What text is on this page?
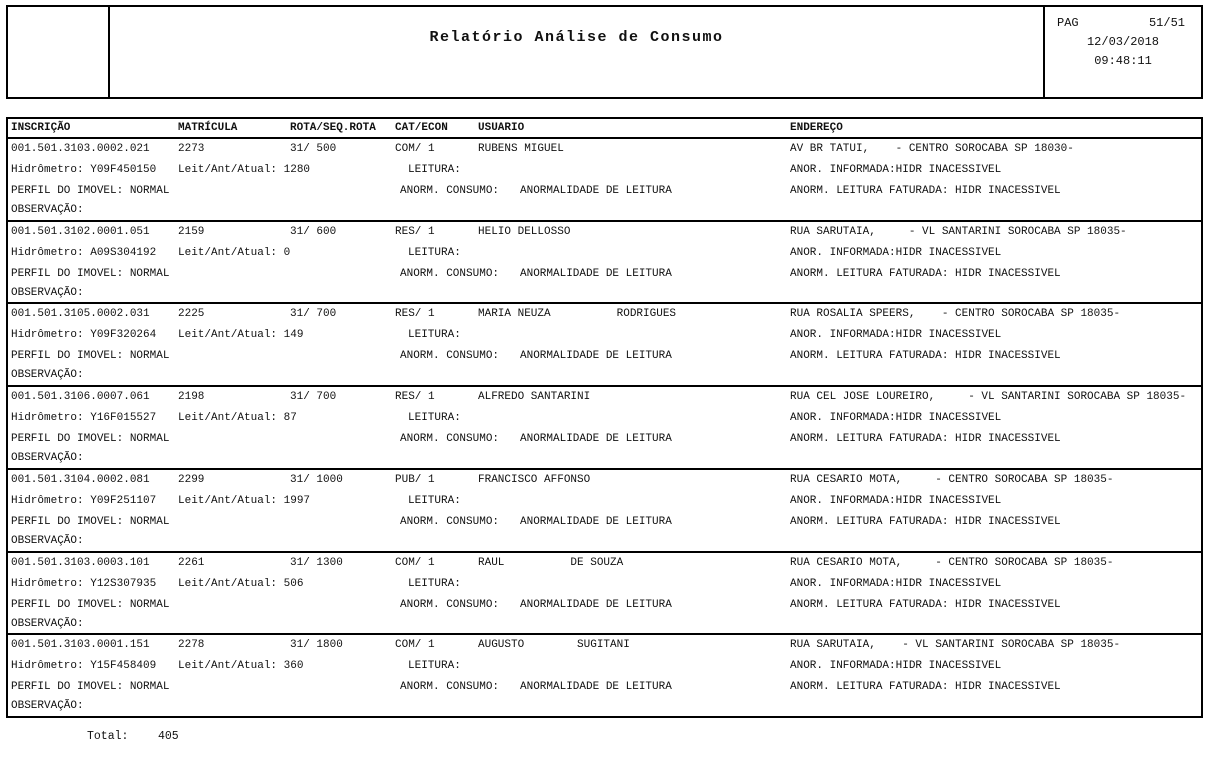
Relatório Análise de Consumo
PAG	51/51
12/03/2018
09:48:11
INSCRIÇÃO	MATRÍCULA	ROTA/SEQ.ROTA CAT/ECON	USUARIO	ENDEREÇO
001.501.3103.0002.021	2273	31/ 500	COM/ 1	RUBENS MIGUEL	AV BR TATUI,    - CENTRO SOROCABA SP 18030-
Hidrômetro: Y09F450150 Leit/Ant/Atual: 1280	LEITURA:	ANOR. INFORMADA:HIDR INACESSIVEL
PERFIL DO IMOVEL: NORMAL	ANORM. CONSUMO: ANORMALIDADE DE LEITURA	ANORM. LEITURA FATURADA: HIDR INACESSIVEL
OBSERVAÇÃO:
001.501.3102.0001.051	2159	31/ 600	RES/ 1	HELIO DELLOSSO	RUA SARUTAIA,     - VL SANTARINI SOROCABA SP 18035-
Hidrômetro: A09S304192 Leit/Ant/Atual: 0	LEITURA:	ANOR. INFORMADA:HIDR INACESSIVEL
PERFIL DO IMOVEL: NORMAL	ANORM. CONSUMO: ANORMALIDADE DE LEITURA	ANORM. LEITURA FATURADA: HIDR INACESSIVEL
OBSERVAÇÃO:
001.501.3105.0002.031	2225	31/ 700	RES/ 1	MARIA NEUZA          RODRIGUES	RUA ROSALIA SPEERS,    - CENTRO SOROCABA SP 18035-
Hidrômetro: Y09F320264 Leit/Ant/Atual: 149	LEITURA:	ANOR. INFORMADA:HIDR INACESSIVEL
PERFIL DO IMOVEL: NORMAL	ANORM. CONSUMO: ANORMALIDADE DE LEITURA	ANORM. LEITURA FATURADA: HIDR INACESSIVEL
OBSERVAÇÃO:
001.501.3106.0007.061	2198	31/ 700	RES/ 1	ALFREDO SANTARINI	RUA CEL JOSE LOUREIRO,     - VL SANTARINI SOROCABA SP 18035-
Hidrômetro: Y16F015527 Leit/Ant/Atual: 87	LEITURA:	ANOR. INFORMADA:HIDR INACESSIVEL
PERFIL DO IMOVEL: NORMAL	ANORM. CONSUMO: ANORMALIDADE DE LEITURA	ANORM. LEITURA FATURADA: HIDR INACESSIVEL
OBSERVAÇÃO:
001.501.3104.0002.081	2299	31/ 1000	PUB/ 1	FRANCISCO AFFONSO	RUA CESARIO MOTA,     - CENTRO SOROCABA SP 18035-
Hidrômetro: Y09F251107 Leit/Ant/Atual: 1997	LEITURA:	ANOR. INFORMADA:HIDR INACESSIVEL
PERFIL DO IMOVEL: NORMAL	ANORM. CONSUMO: ANORMALIDADE DE LEITURA	ANORM. LEITURA FATURADA: HIDR INACESSIVEL
OBSERVAÇÃO:
001.501.3103.0003.101	2261	31/ 1300	COM/ 1	RAUL          DE SOUZA	RUA CESARIO MOTA,     - CENTRO SOROCABA SP 18035-
Hidrômetro: Y12S307935 Leit/Ant/Atual: 506	LEITURA:	ANOR. INFORMADA:HIDR INACESSIVEL
PERFIL DO IMOVEL: NORMAL	ANORM. CONSUMO: ANORMALIDADE DE LEITURA	ANORM. LEITURA FATURADA: HIDR INACESSIVEL
OBSERVAÇÃO:
001.501.3103.0001.151	2278	31/ 1800	COM/ 1	AUGUSTO        SUGITANI	RUA SARUTAIA,    - VL SANTARINI SOROCABA SP 18035-
Hidrômetro: Y15F458409 Leit/Ant/Atual: 360	LEITURA:	ANOR. INFORMADA:HIDR INACESSIVEL
PERFIL DO IMOVEL: NORMAL	ANORM. CONSUMO: ANORMALIDADE DE LEITURA	ANORM. LEITURA FATURADA: HIDR INACESSIVEL
OBSERVAÇÃO:
Total:	405
